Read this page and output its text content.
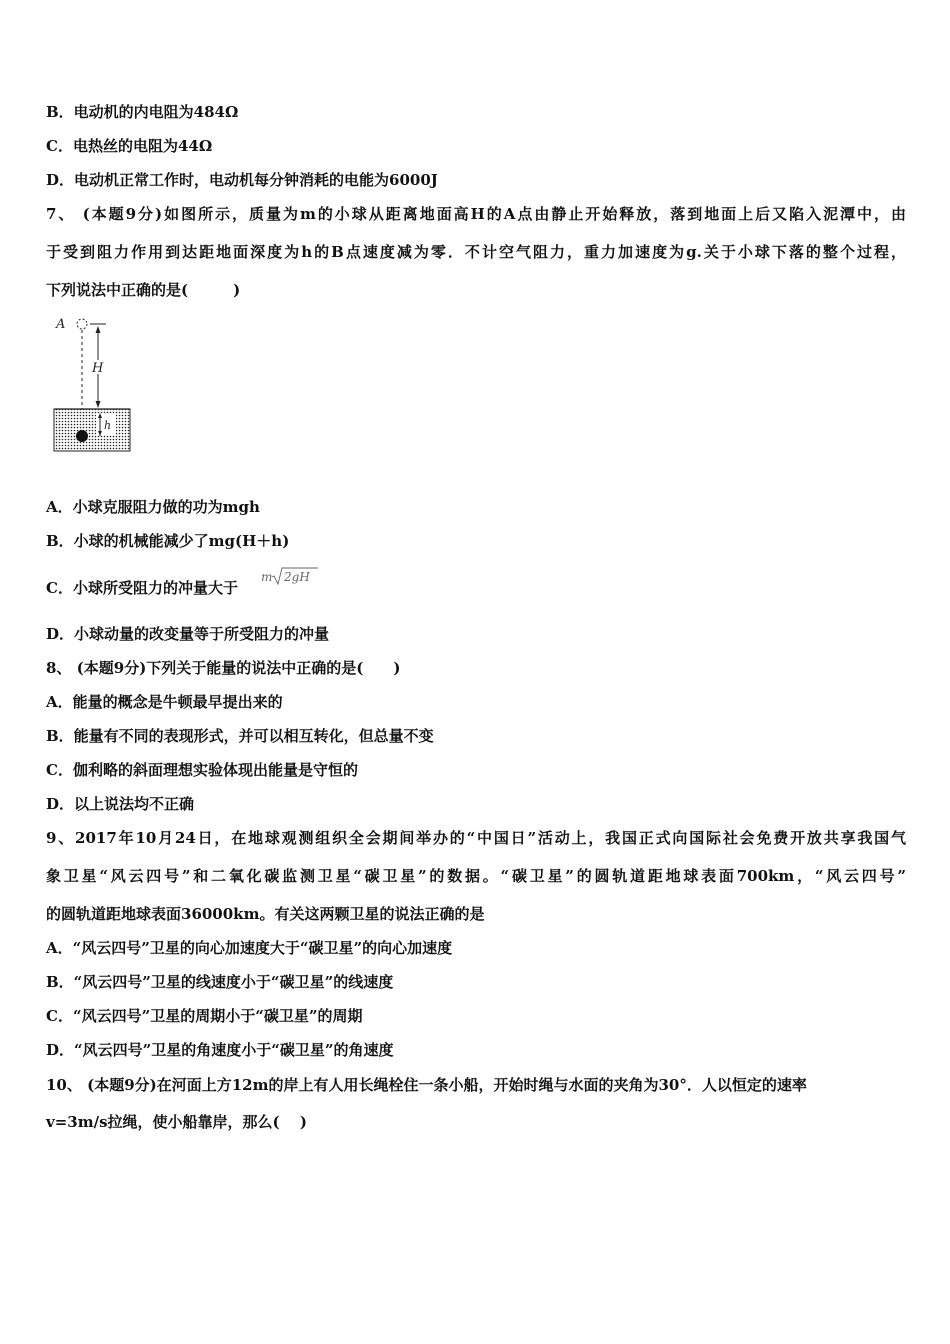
B．电动机的内电阻为484Ω
C．电热丝的电阻为44Ω
D．电动机正常工作时，电动机每分钟消耗的电能为6000J
7、 (本题9分)如图所示，质量为m的小球从距离地面高H的A点由静止开始释放，落到地面上后又陷入泥潭中，由
于受到阻力作用到达距地面深度为h的B点速度减为零．不计空气阻力，重力加速度为g.关于小球下落的整个过程，
下列说法中正确的是(　　　)
A
H
h
A．小球克服阻力做的功为mgh
B．小球的机械能减少了mg(H＋h)
C．小球所受阻力的冲量大于
m 2gH
D．小球动量的改变量等于所受阻力的冲量
8、 (本题9分)下列关于能量的说法中正确的是(　　)
A．能量的概念是牛顿最早提出来的
B．能量有不同的表现形式，并可以相互转化，但总量不变
C．伽利略的斜面理想实验体现出能量是守恒的
D．以上说法均不正确
9、2017年10月24日，在地球观测组织全会期间举办的“中国日”活动上，我国正式向国际社会免费开放共享我国气
象卫星“风云四号”和二氧化碳监测卫星“碳卫星”的数据。“碳卫星”的圆轨道距地球表面700km，“风云四号”
的圆轨道距地球表面36000km。有关这两颗卫星的说法正确的是
A．“风云四号”卫星的向心加速度大于“碳卫星”的向心加速度
B．“风云四号”卫星的线速度小于“碳卫星”的线速度
C．“风云四号”卫星的周期小于“碳卫星”的周期
D．“风云四号”卫星的角速度小于“碳卫星”的角速度
10、 (本题9分)在河面上方12m的岸上有人用长绳栓住一条小船，开始时绳与水面的夹角为30°．人以恒定的速率
v=3m/s拉绳，使小船靠岸，那么(　 )
